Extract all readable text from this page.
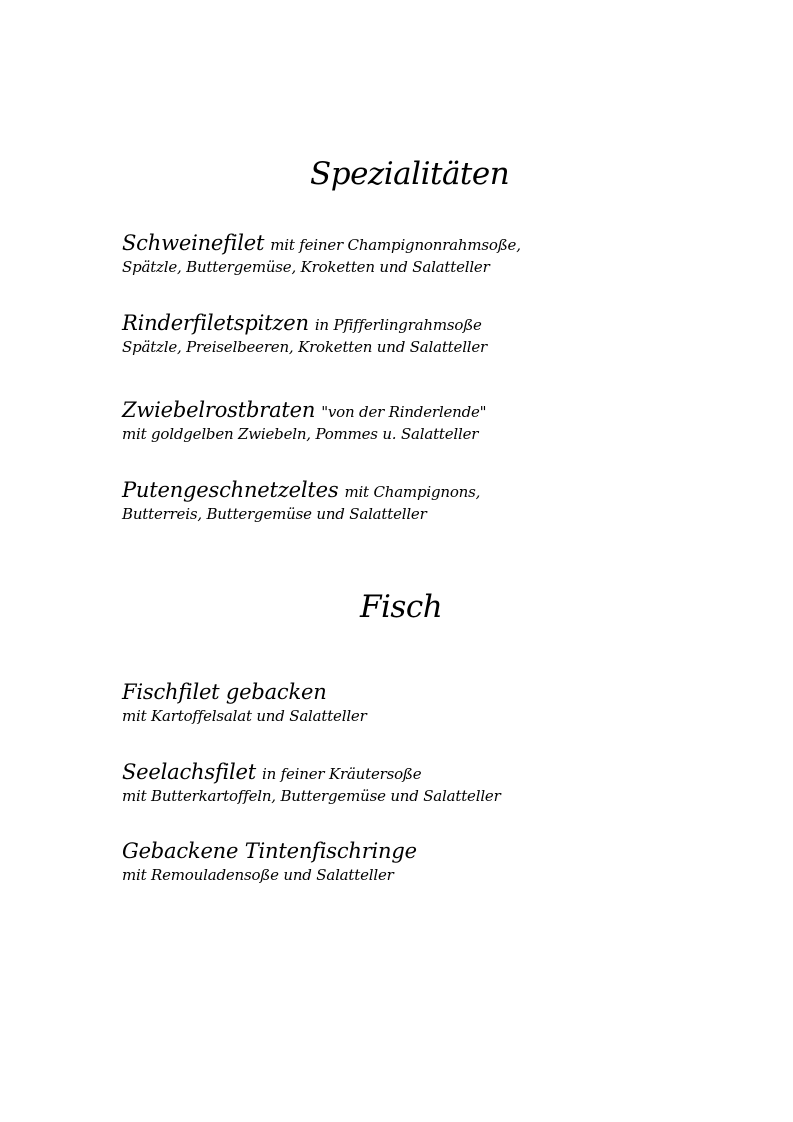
Spezialitäten
Schweinefilet mit feiner Champignonrahmsoße,
Spätzle, Buttergemüse, Kroketten und Salatteller
Rinderfiletspitzen in Pfifferlingrahmsoße
Spätzle, Preiselbeeren, Kroketten und Salatteller
Zwiebelrostbraten "von der Rinderlende"
mit goldgelben Zwiebeln, Pommes u. Salatteller
Putengeschnetzeltes mit Champignons,
Butterreis, Buttergemüse und Salatteller
Fisch
Fischfilet gebacken
mit Kartoffelsalat und Salatteller
Seelachsfilet in feiner Kräutersoße
mit Butterkartoffeln, Buttergemüse und Salatteller
Gebackene Tintenfischringe
mit Remouladensoße und Salatteller
